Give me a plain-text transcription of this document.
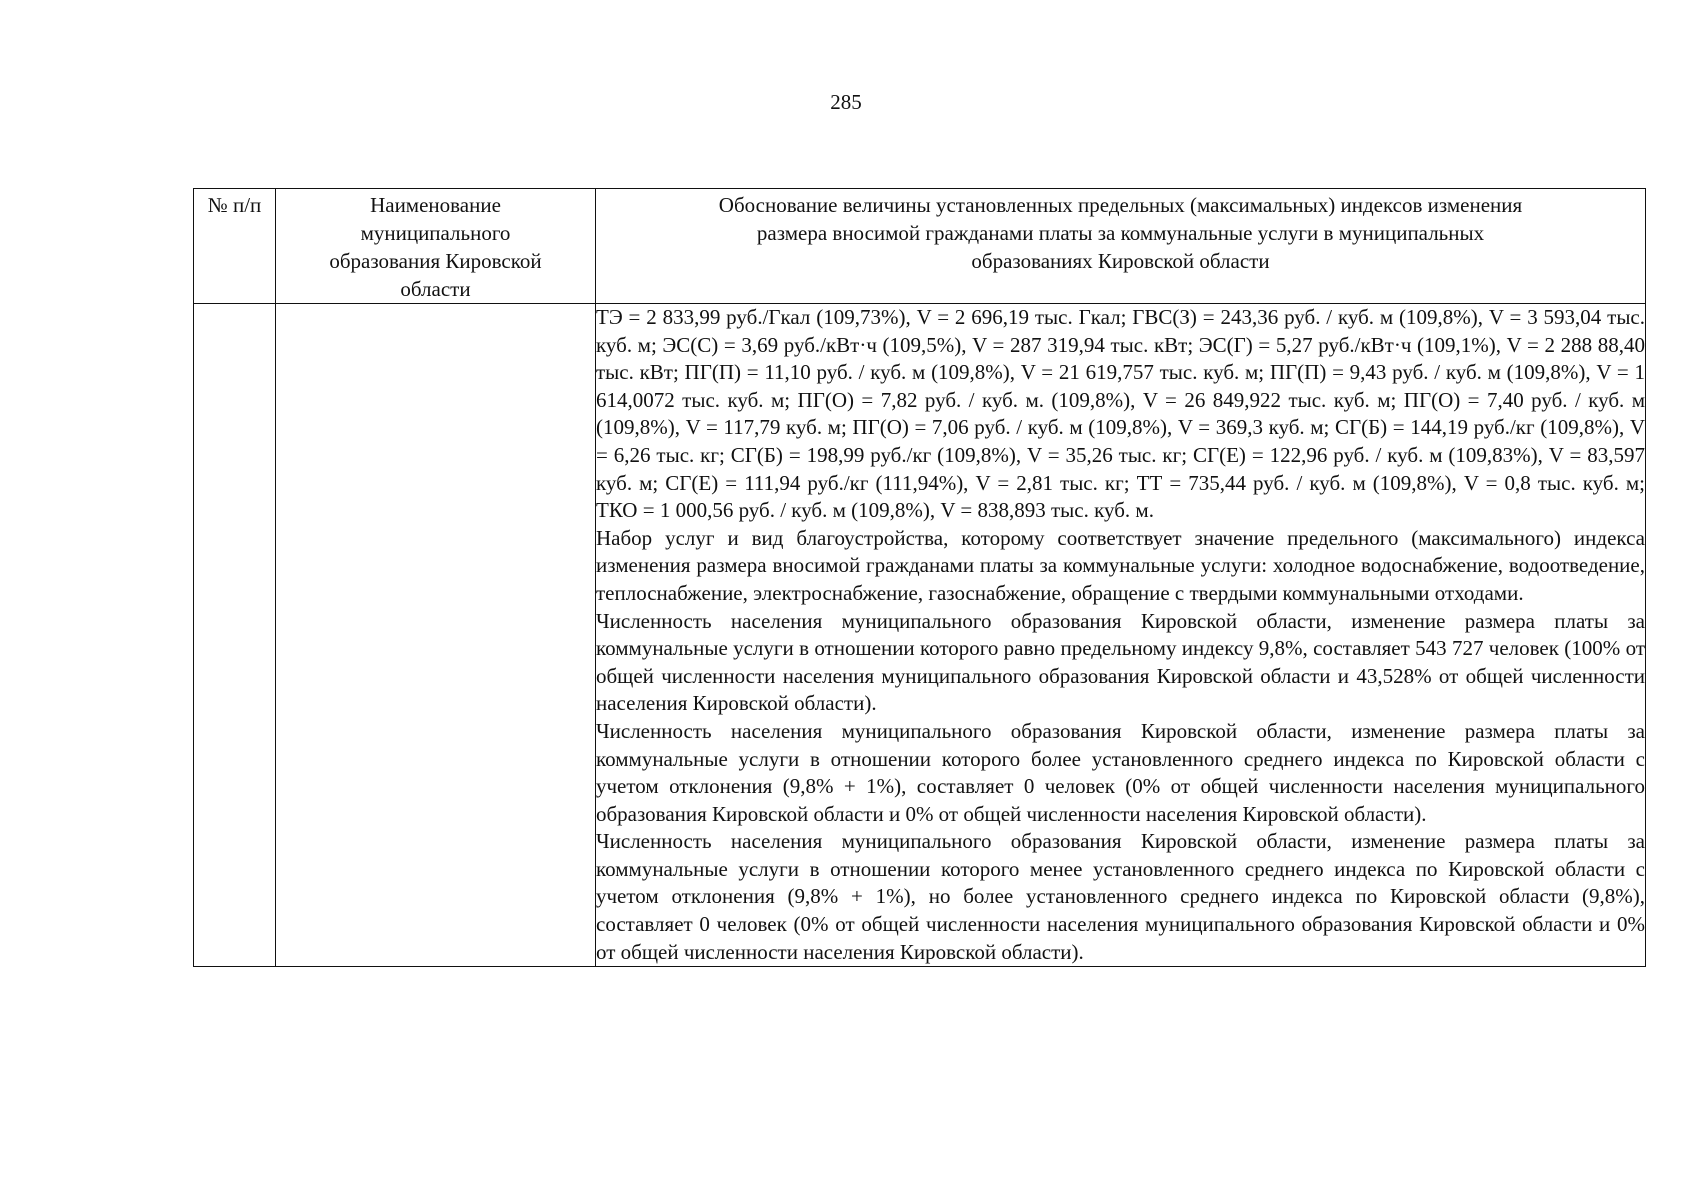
285
№ п/п	Наименование муниципального образования Кировской области	Обоснование величины установленных предельных (максимальных) индексов изменения размера вносимой гражданами платы за коммунальные услуги в муниципальных образованиях Кировской области

		ТЭ = 2 833,99 руб./Гкал (109,73%), V = 2 696,19 тыс. Гкал; ГВС(З) = 243,36 руб. / куб. м (109,8%), V = 3 593,04 тыс. куб. м; ЭС(С) = 3,69 руб./кВт·ч (109,5%), V = 287 319,94 тыс. кВт; ЭС(Г) = 5,27 руб./кВт·ч (109,1%), V = 2 288 88,40 тыс. кВт; ПГ(П) = 11,10 руб. / куб. м (109,8%), V = 21 619,757 тыс. куб. м; ПГ(П) = 9,43 руб. / куб. м (109,8%), V = 1 614,0072 тыс. куб. м; ПГ(О) = 7,82 руб. / куб. м. (109,8%), V = 26 849,922 тыс. куб. м; ПГ(О) = 7,40 руб. / куб. м (109,8%), V = 117,79 куб. м; ПГ(О) = 7,06 руб. / куб. м (109,8%), V = 369,3 куб. м; СГ(Б) = 144,19 руб./кг (109,8%), V = 6,26 тыс. кг; СГ(Б) = 198,99 руб./кг (109,8%), V = 35,26 тыс. кг; СГ(Е) = 122,96 руб. / куб. м (109,83%), V = 83,597 куб. м; СГ(Е) = 111,94 руб./кг (111,94%), V = 2,81 тыс. кг; ТТ = 735,44 руб. / куб. м (109,8%), V = 0,8 тыс. куб. м; ТКО = 1 000,56 руб. / куб. м (109,8%), V = 838,893 тыс. куб. м.

Набор услуг и вид благоустройства, которому соответствует значение предельного (максимального) индекса изменения размера вносимой гражданами платы за коммунальные услуги: холодное водоснабжение, водоотведение, теплоснабжение, электроснабжение, газоснабжение, обращение с твердыми коммунальными отходами.

Численность населения муниципального образования Кировской области, изменение размера платы за коммунальные услуги в отношении которого равно предельному индексу 9,8%, составляет 543 727 человек (100% от общей численности населения муниципального образования Кировской области и 43,528% от общей численности населения Кировской области).

Численность населения муниципального образования Кировской области, изменение размера платы за коммунальные услуги в отношении которого более установленного среднего индекса по Кировской области с учетом отклонения (9,8% + 1%), составляет 0 человек (0% от общей численности населения муниципального образования Кировской области и 0% от общей численности населения Кировской области).

Численность населения муниципального образования Кировской области, изменение размера платы за коммунальные услуги в отношении которого менее установленного среднего индекса по Кировской области с учетом отклонения (9,8% + 1%), но более установленного среднего индекса по Кировской области (9,8%), составляет 0 человек (0% от общей численности населения муниципального образования Кировской области и 0% от общей численности населения Кировской области).
